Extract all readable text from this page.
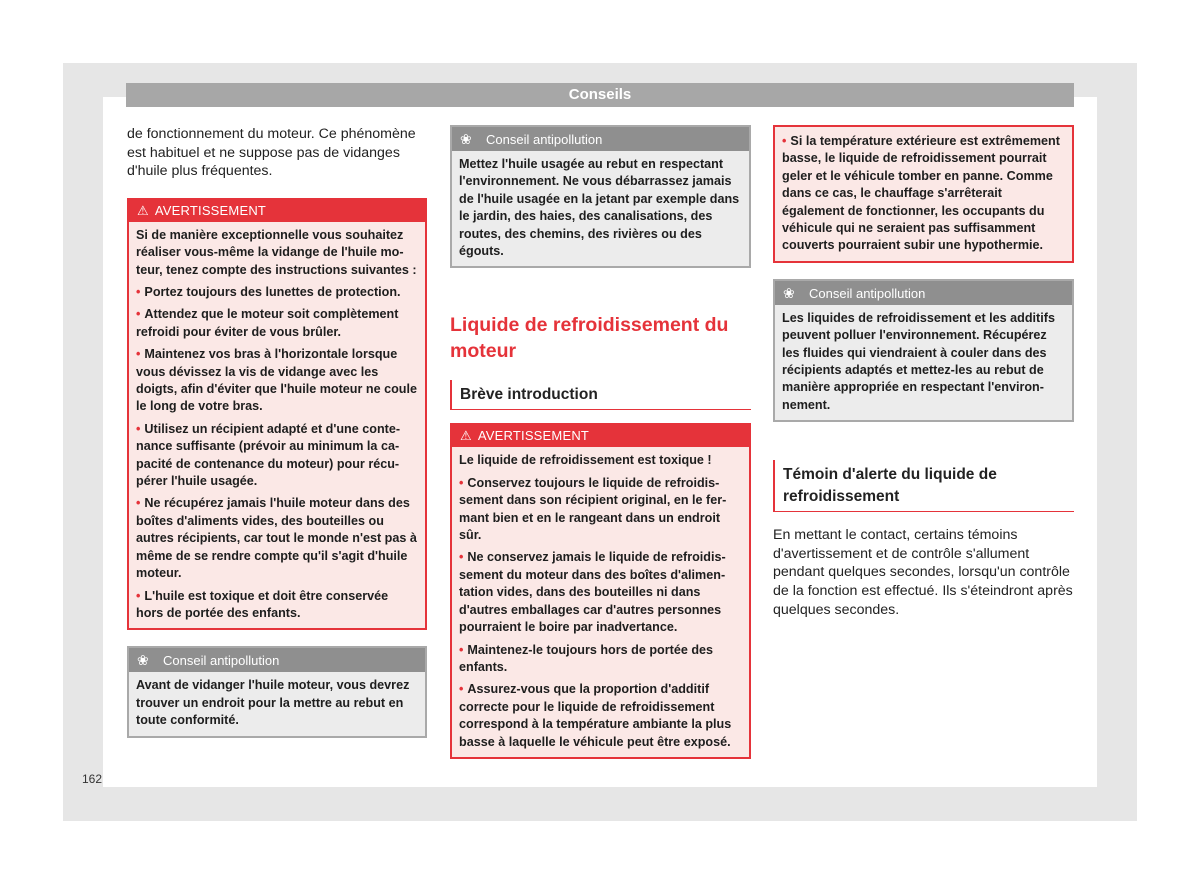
Conseils

de fonctionnement du moteur. Ce phénomène est habituel et ne suppose pas de vidanges d'huile plus fréquentes.

⚠ AVERTISSEMENT

Si de manière exceptionnelle vous souhaitez réaliser vous-même la vidange de l'huile moteur, tenez compte des instructions suivantes :

• Portez toujours des lunettes de protection.
• Attendez que le moteur soit complètement refroidi pour éviter de vous brûler.
• Maintenez vos bras à l'horizontale lorsque vous dévissez la vis de vidange avec les doigts, afin d'éviter que l'huile moteur ne coule le long de votre bras.
• Utilisez un récipient adapté et d'une contenance suffisante (prévoir au minimum la capacité de contenance du moteur) pour récupérer l'huile usagée.
• Ne récupérez jamais l'huile moteur dans des boîtes d'aliments vides, des bouteilles ou autres récipients, car tout le monde n'est pas à même de se rendre compte qu'il s'agit d'huile moteur.
• L'huile est toxique et doit être conservée hors de portée des enfants.
❀ Conseil antipollution
Avant de vidanger l'huile moteur, vous devrez trouver un endroit pour la mettre au rebut en toute conformité.
❀ Conseil antipollution
Mettez l'huile usagée au rebut en respectant l'environnement. Ne vous débarrassez jamais de l'huile usagée en la jetant par exemple dans le jardin, des haies, des canalisations, des routes, des chemins, des rivières ou des égouts.
Liquide de refroidissement du moteur
Brève introduction
⚠ AVERTISSEMENT

Le liquide de refroidissement est toxique !

• Conservez toujours le liquide de refroidissement dans son récipient original, en le fermant bien et en le rangeant dans un endroit sûr.
• Ne conservez jamais le liquide de refroidissement du moteur dans des boîtes d'alimentation vides, dans des bouteilles ni dans d'autres emballages car d'autres personnes pourraient le boire par inadvertance.
• Maintenez-le toujours hors de portée des enfants.
• Assurez-vous que la proportion d'additif correcte pour le liquide de refroidissement correspond à la température ambiante la plus basse à laquelle le véhicule peut être exposé.
• Si la température extérieure est extrêmement basse, le liquide de refroidissement pourrait geler et le véhicule tomber en panne. Comme dans ce cas, le chauffage s'arrêterait également de fonctionner, les occupants du véhicule qui ne seraient pas suffisamment couverts pourraient subir une hypothermie.
❀ Conseil antipollution
Les liquides de refroidissement et les additifs peuvent polluer l'environnement. Récupérez les fluides qui viendraient à couler dans des récipients adaptés et mettez-les au rebut de manière appropriée en respectant l'environnement.
Témoin d'alerte du liquide de refroidissement

En mettant le contact, certains témoins d'avertissement et de contrôle s'allument pendant quelques secondes, lorsqu'un contrôle de la fonction est effectué. Ils s'éteindront après quelques secondes.

162
